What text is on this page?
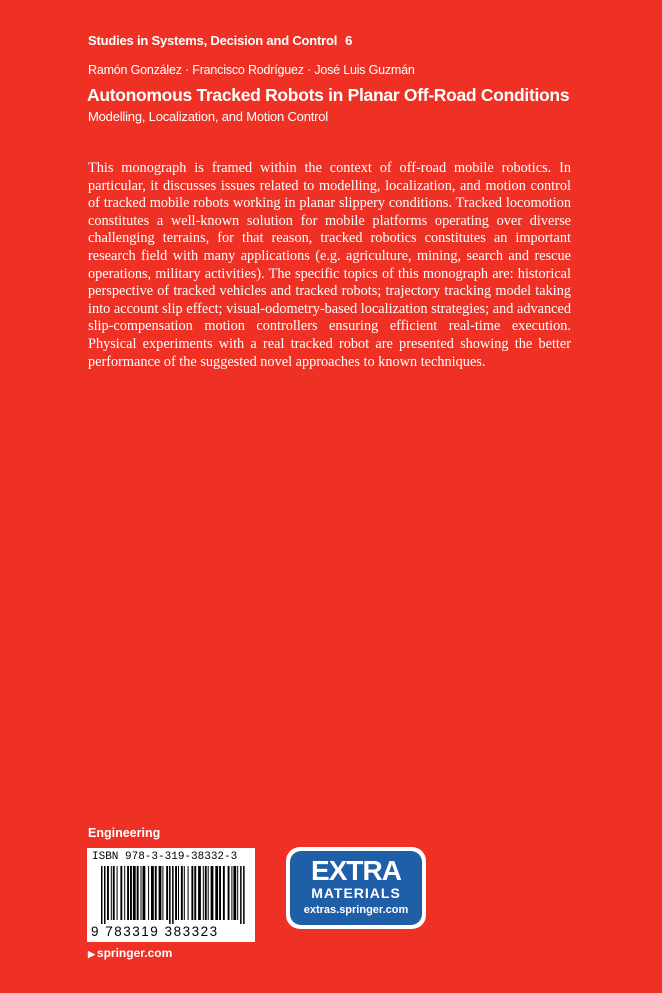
Studies in Systems, Decision and Control 6
Ramón González · Francisco Rodríguez · José Luis Guzmán
Autonomous Tracked Robots in Planar Off-Road Conditions
Modelling, Localization, and Motion Control

This monograph is framed within the context of off-road mobile robotics. In particular, it discusses issues related to modelling, localization, and motion control of tracked mobile robots working in planar slippery conditions. Tracked locomotion constitutes a well-known solution for mobile platforms operating over diverse challenging terrains, for that reason, tracked robotics constitutes an important research field with many applications (e.g. agriculture, mining, search and rescue operations, military activities). The specific topics of this monograph are: historical perspective of tracked vehicles and tracked robots; trajectory tracking model taking into account slip effect; visual-odometry-based localization strategies; and advanced slip-compensation motion controllers ensuring efficient real-time execution. Physical experiments with a real tracked robot are presented showing the better performance of the suggested novel approaches to known techniques.

Engineering
ISBN 978-3-319-38332-3
9 783319 383323
▶ springer.com
EXTRA
MATERIALS
extras.springer.com
